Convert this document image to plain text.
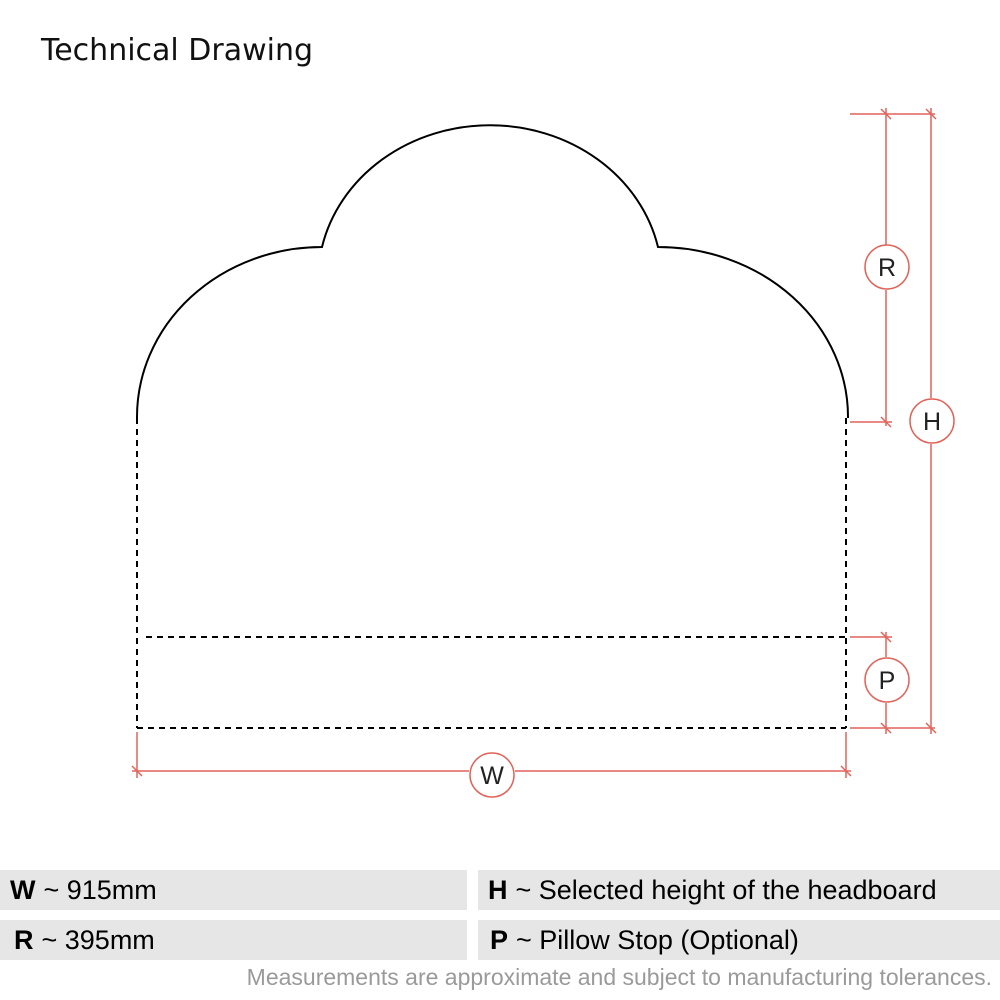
Technical Drawing
R
H
P
W
W ~ 915mm	H ~ Selected height of the headboard
R ~ 395mm	P ~ Pillow Stop (Optional)
Measurements are approximate and subject to manufacturing tolerances.
